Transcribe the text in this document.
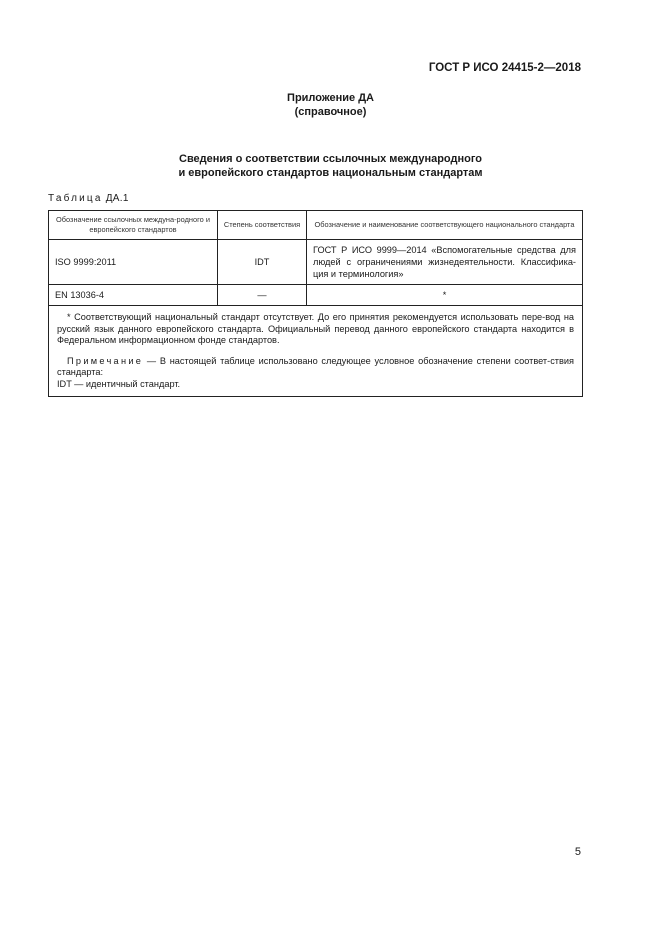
ГОСТ Р ИСО 24415-2—2018
Приложение ДА
(справочное)
Сведения о соответствии ссылочных международного
и европейского стандартов национальным стандартам
Таблица ДА.1
Обозначение ссылочных междуна-родного и европейского стандартов	Степень соответствия	Обозначение и наименование соответствующего национального стандарта
ISO 9999:2011	IDT	ГОСТ Р ИСО 9999—2014 «Вспомогательные средства для людей с ограничениями жизнедеятельности. Классифика-ция и терминология»
EN 13036-4	—	*

* Соответствующий национальный стандарт отсутствует. До его принятия рекомендуется использовать пере-вод на русский язык данного европейского стандарта. Официальный перевод данного европейского стандарта находится в Федеральном информационном фонде стандартов.

Примечание — В настоящей таблице использовано следующее условное обозначение степени соответ-ствия стандарта:

IDT — идентичный стандарт.		

5
